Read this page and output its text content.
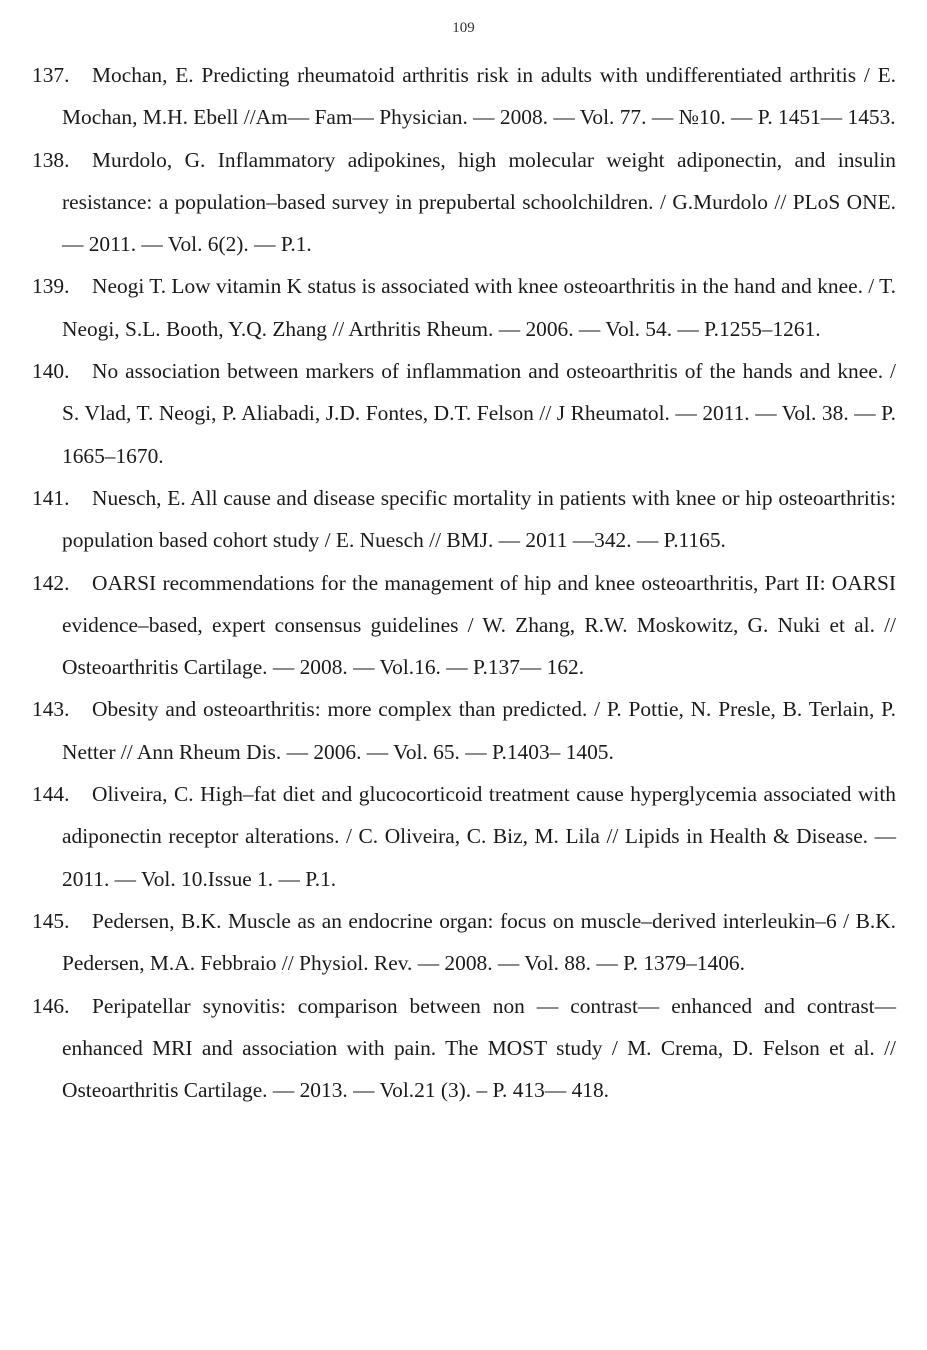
109
137. Mochan, E. Predicting rheumatoid arthritis risk in adults with undifferentiated arthritis / E. Mochan, M.H. Ebell //Am— Fam— Physician. — 2008. — Vol. 77. — №10. — P. 1451— 1453.
138. Murdolo, G. Inflammatory adipokines, high molecular weight adiponectin, and insulin resistance: a population–based survey in prepubertal schoolchildren. / G.Murdolo // PLoS ONE. — 2011. — Vol. 6(2). — P.1.
139. Neogi T. Low vitamin K status is associated with knee osteoarthritis in the hand and knee. / T. Neogi, S.L. Booth, Y.Q. Zhang // Arthritis Rheum. — 2006. — Vol. 54. — P.1255–1261.
140. No association between markers of inflammation and osteoarthritis of the hands and knee. / S. Vlad, T. Neogi, P. Aliabadi, J.D. Fontes, D.T. Felson // J Rheumatol. — 2011. — Vol. 38. — P. 1665–1670.
141. Nuesch, E. All cause and disease specific mortality in patients with knee or hip osteoarthritis: population based cohort study / E. Nuesch // BMJ. — 2011 —342. — P.1165.
142. OARSI recommendations for the management of hip and knee osteoarthritis, Part II: OARSI evidence–based, expert consensus guidelines / W. Zhang, R.W. Moskowitz, G. Nuki et al. // Osteoarthritis Cartilage. — 2008. — Vol.16. — P.137— 162.
143. Obesity and osteoarthritis: more complex than predicted. / P. Pottie, N. Presle, B. Terlain, P. Netter // Ann Rheum Dis. — 2006. — Vol. 65. — P.1403– 1405.
144. Oliveira, C. High–fat diet and glucocorticoid treatment cause hyperglycemia associated with adiponectin receptor alterations. / C. Oliveira, C. Biz, M. Lila // Lipids in Health & Disease. — 2011. — Vol. 10.Issue 1. — P.1.
145. Pedersen, B.K. Muscle as an endocrine organ: focus on muscle–derived interleukin–6 / B.K. Pedersen, M.A. Febbraio // Physiol. Rev. — 2008. — Vol. 88. — P. 1379–1406.
146. Peripatellar synovitis: comparison between non — contrast— enhanced and contrast— enhanced MRI and association with pain. The MOST study / M. Crema, D. Felson et al. // Osteoarthritis Cartilage. — 2013. — Vol.21 (3). – P. 413— 418.
